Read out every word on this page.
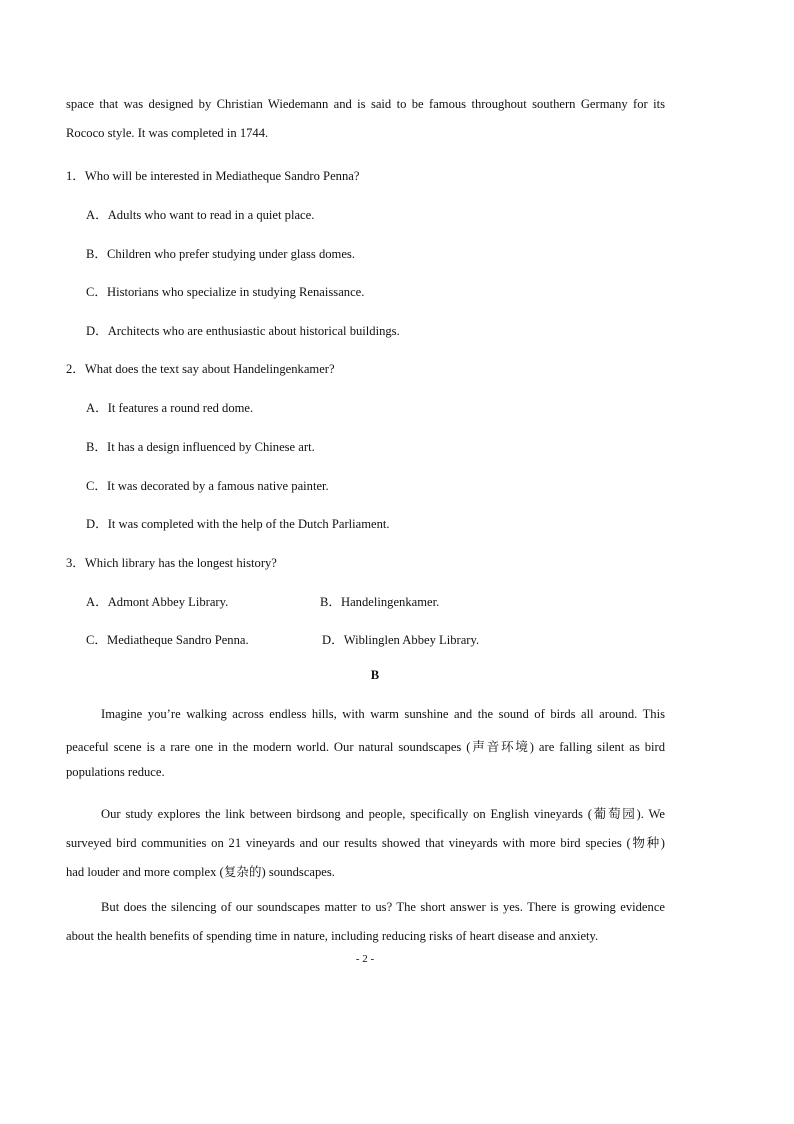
space that was designed by Christian Wiedemann and is said to be famous throughout southern Germany for its
Rococo style. It was completed in 1744.
1．Who will be interested in Mediatheque Sandro Penna?
A．Adults who want to read in a quiet place.
B．Children who prefer studying under glass domes.
C．Historians who specialize in studying Renaissance.
D．Architects who are enthusiastic about historical buildings.
2．What does the text say about Handelingenkamer?
A．It features a round red dome.
B．It has a design influenced by Chinese art.
C．It was decorated by a famous native painter.
D．It was completed with the help of the Dutch Parliament.
3．Which library has the longest history?
A．Admont Abbey Library.	B．Handelingenkamer.
C．Mediatheque Sandro Penna.	D．Wiblinglen Abbey Library.
B
Imagine you’re walking across endless hills, with warm sunshine and the sound of birds all around. This
peaceful scene is a rare one in the modern world. Our natural soundscapes (声音环境) are falling silent as bird
populations reduce.
Our study explores the link between birdsong and people, specifically on English vineyards (葡萄园). We
surveyed bird communities on 21 vineyards and our results showed that vineyards with more bird species (物种)
had louder and more complex (复杂的) soundscapes.
But does the silencing of our soundscapes matter to us? The short answer is yes. There is growing evidence
about the health benefits of spending time in nature, including reducing risks of heart disease and anxiety.
- 2 -
